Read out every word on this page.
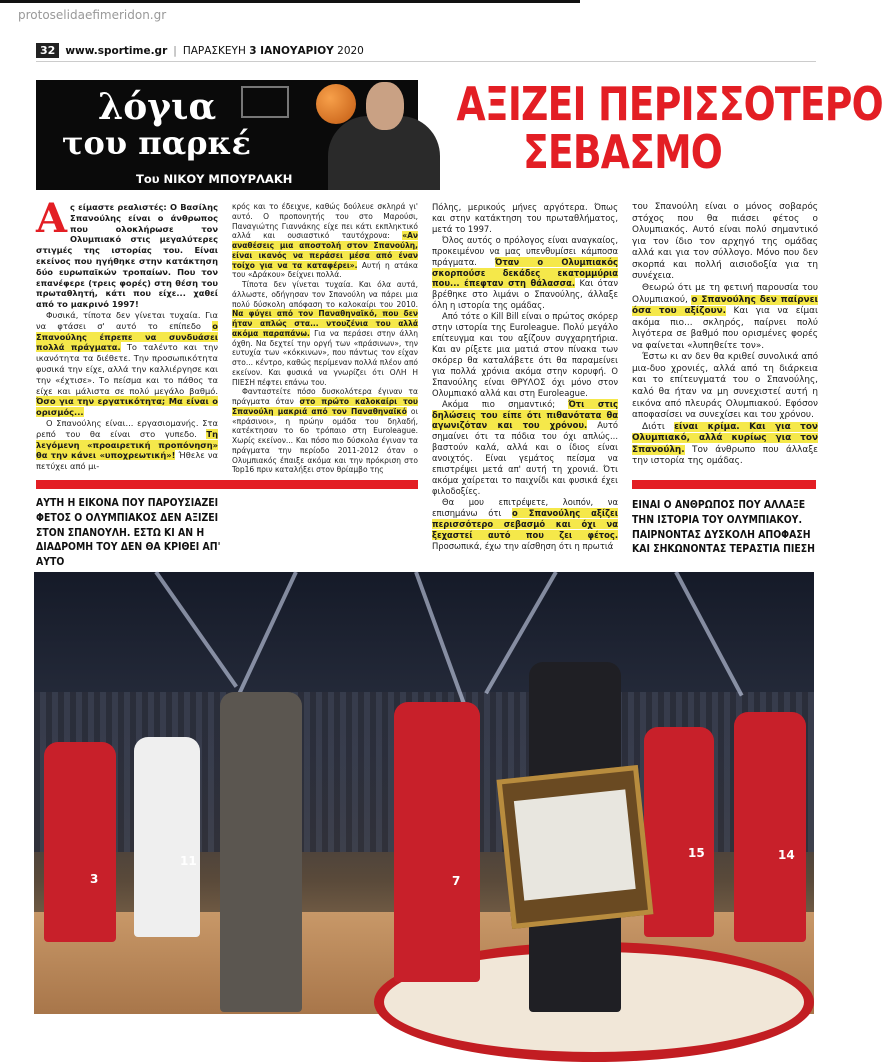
protoselidaefimeridon.gr
32 www.sportime.gr | ΠΑΡΑΣΚΕΥΗ 3 ΙΑΝΟΥΑΡΙΟΥ 2020
λόγια
του παρκέ
Του ΝΙΚΟΥ ΜΠΟΥΡΛΑΚΗ
ΑΞΙΖΕΙ ΠΕΡΙΣΣΟΤΕΡΟ
ΣΕΒΑΣΜΟ

Ας είμαστε ρεαλιστές: Ο Βασίλης Σπανούλης είναι ο άνθρωπος που ολοκλήρωσε τον Ολυμπιακό στις μεγαλύτερες στιγμές της ιστορίας του. Είναι εκείνος που ηγήθηκε στην κατάκτηση δύο ευρωπαϊκών τροπαίων. Που τον επανέφερε (τρεις φορές) στη θέση του πρωταθλητή, κάτι που είχε... χαθεί από το μακρινό 1997!

Φυσικά, τίποτα δεν γίνεται τυχαία. Για να φτάσει σ' αυτό το επίπεδο ο Σπανούλης έπρεπε να συνδυάσει πολλά πράγματα. Το ταλέντο και την ικανότητα τα διέθετε. Την προσωπικότητα φυσικά την είχε, αλλά την καλλιέργησε και την «έχτισε». Το πείσμα και το πάθος τα είχε και μάλιστα σε πολύ μεγάλο βαθμό. Όσο για την εργατικότητα; Μα είναι ο ορισμός...

Ο Σπανούλης είναι... εργασιομανής. Στα ρεπό του θα είναι στο γυπεδο. Τη λεγόμενη «προαιρετική προπόνηση» θα την κάνει «υποχρεωτική»! Ήθελε να πετύχει από μι-

ΑΥΤΗ Η ΕΙΚΟΝΑ ΠΟΥ ΠΑΡΟΥΣΙΑΖΕΙ ΦΕΤΟΣ Ο ΟΛΥΜΠΙΑΚΟΣ ΔΕΝ ΑΞΙΖΕΙ ΣΤΟΝ ΣΠΑΝΟΥΛΗ. ΕΣΤΩ ΚΙ ΑΝ Η ΔΙΑΔΡΟΜΗ ΤΟΥ ΔΕΝ ΘΑ ΚΡΙΘΕΙ ΑΠ' ΑΥΤΟ

κρός και το έδειχνε, καθώς δούλευε σκληρά γι' αυτό. Ο προπονητής του στο Μαρούσι, Παναγιώτης Γιαννάκης είχε πει κάτι εκπληκτικό αλλά και ουσιαστικό ταυτόχρονα: «Αν αναθέσεις μια αποστολή στον Σπανούλη, είναι ικανός να περάσει μέσα από έναν τοίχο για να τα καταφέρει». Αυτή η ατάκα του «Δράκου» δείχνει πολλά.

Τίποτα δεν γίνεται τυχαία. Και όλα αυτά, άλλωστε, οδήγησαν τον Σπανούλη να πάρει μια πολύ δύσκολη απόφαση το καλοκαίρι του 2010. Να φύγει από τον Παναθηναϊκό, που δεν ήταν απλώς στα... ντουζένια του αλλά ακόμα παραπάνω. Για να περάσει στην άλλη όχθη. Να δεχτεί την οργή των «πράσινων», την ευτυχία των «κόκκινων», που πάντως τον είχαν στο... κέντρο, καθώς περίμεναν πολλά πλέον από εκείνον. Και φυσικά να γνωρίζει ότι ΟΛΗ Η ΠΙΕΣΗ πέφτει επάνω του.

Φανταστείτε πόσο δυσκολότερα έγιναν τα πράγματα όταν στο πρώτο καλοκαίρι του Σπανούλη μακριά από τον Παναθηναϊκό οι «πράσινοι», η πρώην ομάδα του δηλαδή, κατέκτησαν το 6ο τρόπαιο στη Euroleague. Χωρίς εκείνον... Και πόσο πιο δύσκολα έγιναν τα πράγματα την περίοδο 2011-2012 όταν ο Ολυμπιακός έπαιξε ακόμα και την πρόκριση στο Top16 πριν καταλήξει στον θρίαμβο της

Πόλης, μερικούς μήνες αργότερα. Όπως και στην κατάκτηση του πρωταθλήματος, μετά το 1997.

Όλος αυτός ο πρόλογος είναι αναγκαίος, προκειμένου να μας υπενθυμίσει κάμποσα πράγματα. Όταν ο Ολυμπιακός σκορπούσε δεκάδες εκατομμύρια που... έπεφταν στη θάλασσα. Και όταν βρέθηκε στο λιμάνι ο Σπανούλης, άλλαξε όλη η ιστορία της ομάδας.

Από τότε ο Kill Bill είναι ο πρώτος σκόρερ στην ιστορία της Euroleague. Πολύ μεγάλο επίτευγμα και του αξίζουν συγχαρητήρια. Και αν ρίξετε μια ματιά στον πίνακα των σκόρερ θα καταλάβετε ότι θα παραμείνει για πολλά χρόνια ακόμα στην κορυφή. Ο Σπανούλης είναι ΘΡΥΛΟΣ όχι μόνο στον Ολυμπιακό αλλά και στη Euroleague.

Ακόμα πιο σημαντικό; Ότι στις δηλώσεις του είπε ότι πιθανότατα θα αγωνιζόταν και του χρόνου. Αυτό σημαίνει ότι τα πόδια του όχι απλώς... βαστούν καλά, αλλά και ο ίδιος είναι ανοιχτός. Είναι γεμάτος πείσμα να επιστρέψει μετά απ' αυτή τη χρονιά. Ότι ακόμα χαίρεται το παιχνίδι και φυσικά έχει φιλοδοξίες.

Θα μου επιτρέψετε, λοιπόν, να επισημάνω ότι ο Σπανούλης αξίζει περισσότερο σεβασμό και όχι να ξεχαστεί αυτό που ζει φέτος. Προσωπικά, έχω την αίσθηση ότι η πρωτιά

του Σπανούλη είναι ο μόνος σοβαρός στόχος που θα πιάσει φέτος ο Ολυμπιακός. Αυτό είναι πολύ σημαντικό για τον ίδιο τον αρχηγό της ομάδας αλλά και για τον σύλλογο. Μόνο που δεν σκορπά και πολλή αισιοδοξία για τη συνέχεια.

Θεωρώ ότι με τη φετινή παρουσία του Ολυμπιακού, ο Σπανούλης δεν παίρνει όσα του αξίζουν. Και για να είμαι ακόμα πιο... σκληρός, παίρνει πολύ λιγότερα σε βαθμό που ορισμένες φορές να φαίνεται «λυπηθείτε τον».

Έστω κι αν δεν θα κριθεί συνολικά από μια-δυο χρονιές, αλλά από τη διάρκεια και το επίτευγματά του ο Σπανούλης, καλό θα ήταν να μη συνεχιστεί αυτή η εικόνα από πλευράς Ολυμπιακού. Εφόσον αποφασίσει να συνεχίσει και του χρόνου.

Διότι είναι κρίμα. Και για τον Ολυμπιακό, αλλά κυρίως για τον Σπανούλη. Τον άνθρωπο που άλλαξε την ιστορία της ομάδας.

ΕΙΝΑΙ Ο ΑΝΘΡΩΠΟΣ ΠΟΥ ΑΛΛΑΞΕ ΤΗΝ ΙΣΤΟΡΙΑ ΤΟΥ ΟΛΥΜΠΙΑΚΟΥ. ΠΑΙΡΝΟΝΤΑΣ ΔΥΣΚΟΛΗ ΑΠΟΦΑΣΗ ΚΑΙ ΣΗΚΩΝΟΝΤΑΣ ΤΕΡΑΣΤΙΑ ΠΙΕΣΗ
3
11
7
15	14
